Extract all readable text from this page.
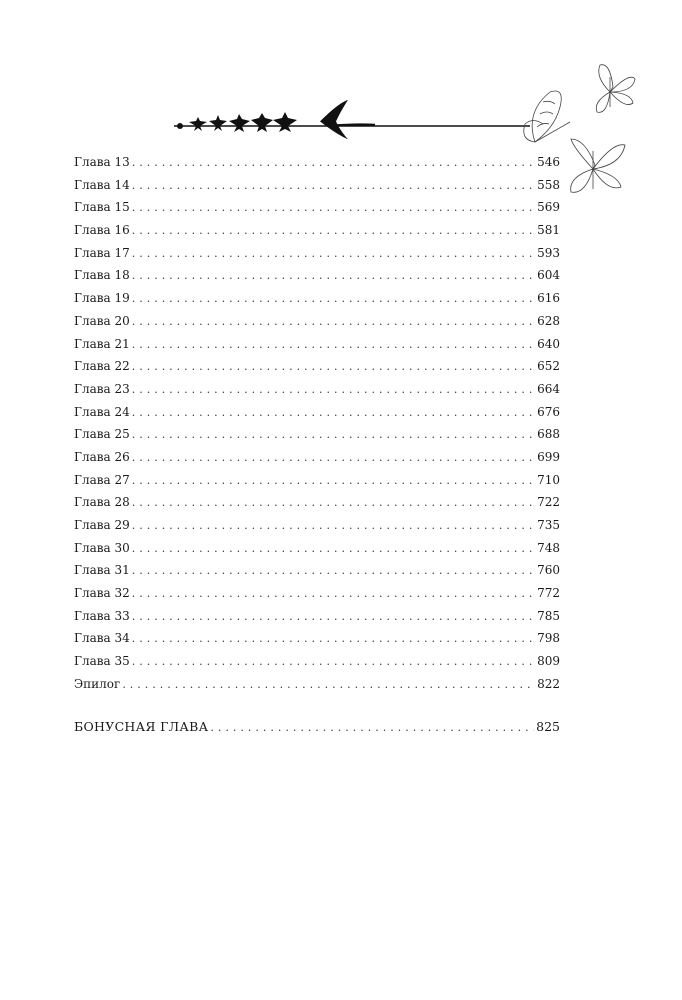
Глава 13 . . .	546
Глава 14 . . .	558
Глава 15 . . .	569
Глава 16 . . .	581
Глава 17 . . .	593
Глава 18 . . .	604
Глава 19 . . .	616
Глава 20 . . .	628
Глава 21 . . .	640
Глава 22 . . .	652
Глава 23 . . .	664
Глава 24 . . .	676
Глава 25 . . .	688
Глава 26 . . .	699
Глава 27 . . .	710
Глава 28 . . .	722
Глава 29 . . .	735
Глава 30 . . .	748
Глава 31 . . .	760
Глава 32 . . .	772
Глава 33 . . .	785
Глава 34 . . .	798
Глава 35 . . .	809
Эпилог . . .	822
БОНУСНАЯ ГЛАВА . . .	825
